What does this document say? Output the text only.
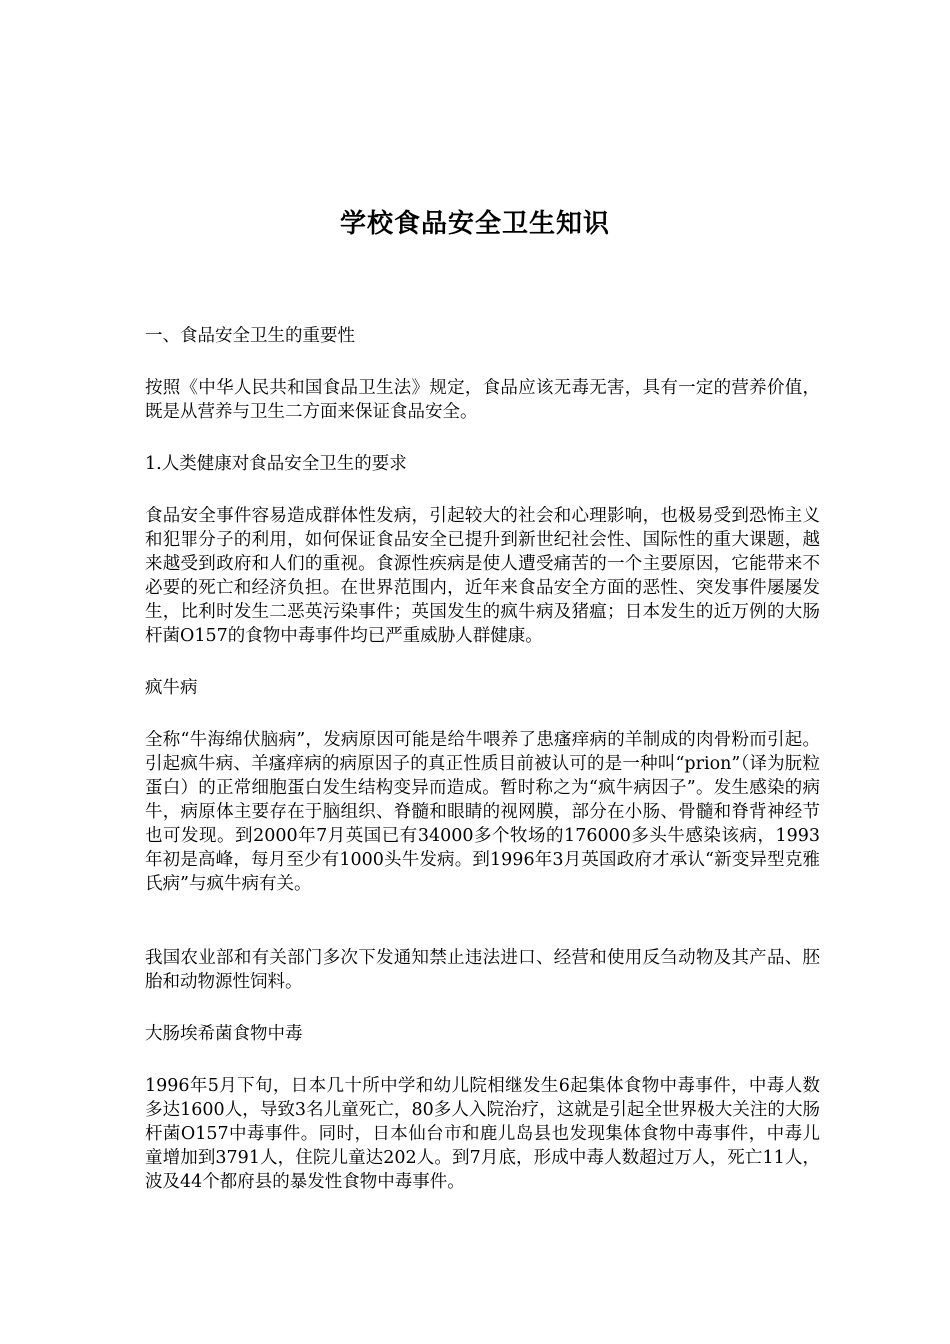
学校食品安全卫生知识

一、食品安全卫生的重要性

按照《中华人民共和国食品卫生法》规定，食品应该无毒无害，具有一定的营养价值，既是从营养与卫生二方面来保证食品安全。

1.人类健康对食品安全卫生的要求

食品安全事件容易造成群体性发病，引起较大的社会和心理影响，也极易受到恐怖主义和犯罪分子的利用，如何保证食品安全已提升到新世纪社会性、国际性的重大课题，越来越受到政府和人们的重视。食源性疾病是使人遭受痛苦的一个主要原因，它能带来不必要的死亡和经济负担。在世界范围内，近年来食品安全方面的恶性、突发事件屡屡发生，比利时发生二恶英污染事件；英国发生的疯牛病及猪瘟；日本发生的近万例的大肠杆菌O157的食物中毒事件均已严重威胁人群健康。

疯牛病

全称“牛海绵伏脑病”，发病原因可能是给牛喂养了患瘙痒病的羊制成的肉骨粉而引起。引起疯牛病、羊瘙痒病的病原因子的真正性质目前被认可的是一种叫“prion”（译为朊粒蛋白）的正常细胞蛋白发生结构变异而造成。暂时称之为“疯牛病因子”。发生感染的病牛，病原体主要存在于脑组织、脊髓和眼睛的视网膜，部分在小肠、骨髓和脊背神经节也可发现。到2000年7月英国已有34000多个牧场的176000多头牛感染该病，1993年初是高峰，每月至少有1000头牛发病。到1996年3月英国政府才承认“新变异型克雅氏病”与疯牛病有关。

我国农业部和有关部门多次下发通知禁止违法进口、经营和使用反刍动物及其产品、胚胎和动物源性饲料。

大肠埃希菌食物中毒

1996年5月下旬，日本几十所中学和幼儿院相继发生6起集体食物中毒事件，中毒人数多达1600人，导致3名儿童死亡，80多人入院治疗，这就是引起全世界极大关注的大肠杆菌O157中毒事件。同时，日本仙台市和鹿儿岛县也发现集体食物中毒事件，中毒儿童增加到3791人，住院儿童达202人。到7月底，形成中毒人数超过万人，死亡11人，波及44个都府县的暴发性食物中毒事件。
